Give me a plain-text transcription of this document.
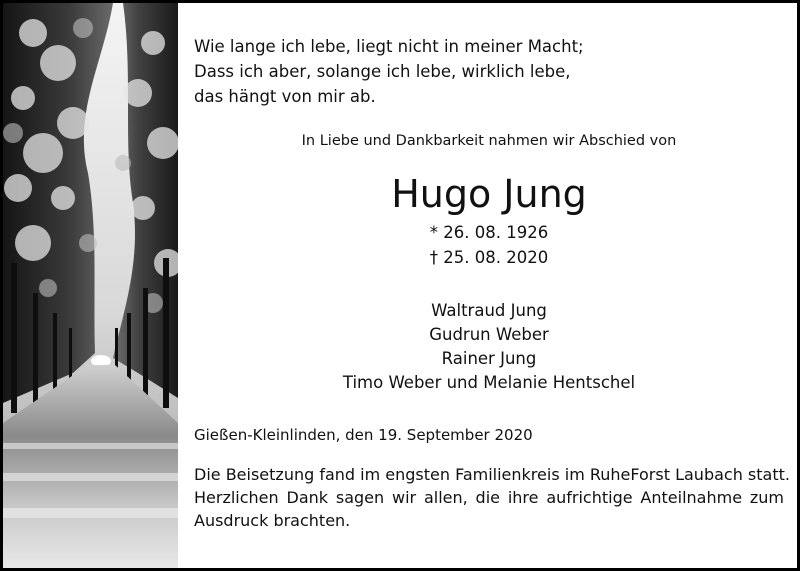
Wie lange ich lebe, liegt nicht in meiner Macht;
Dass ich aber, solange ich lebe, wirklich lebe,
das hängt von mir ab.
In Liebe und Dankbarkeit nahmen wir Abschied von
Hugo Jung
* 26. 08. 1926
† 25. 08. 2020
Waltraud Jung
Gudrun Weber
Rainer Jung
Timo Weber und Melanie Hentschel
Gießen-Kleinlinden, den 19. September 2020
Die Beisetzung fand im engsten Familienkreis im RuheForst Laubach statt.
Herzlichen Dank sagen wir allen, die ihre aufrichtige Anteilnahme zum
Ausdruck brachten.
